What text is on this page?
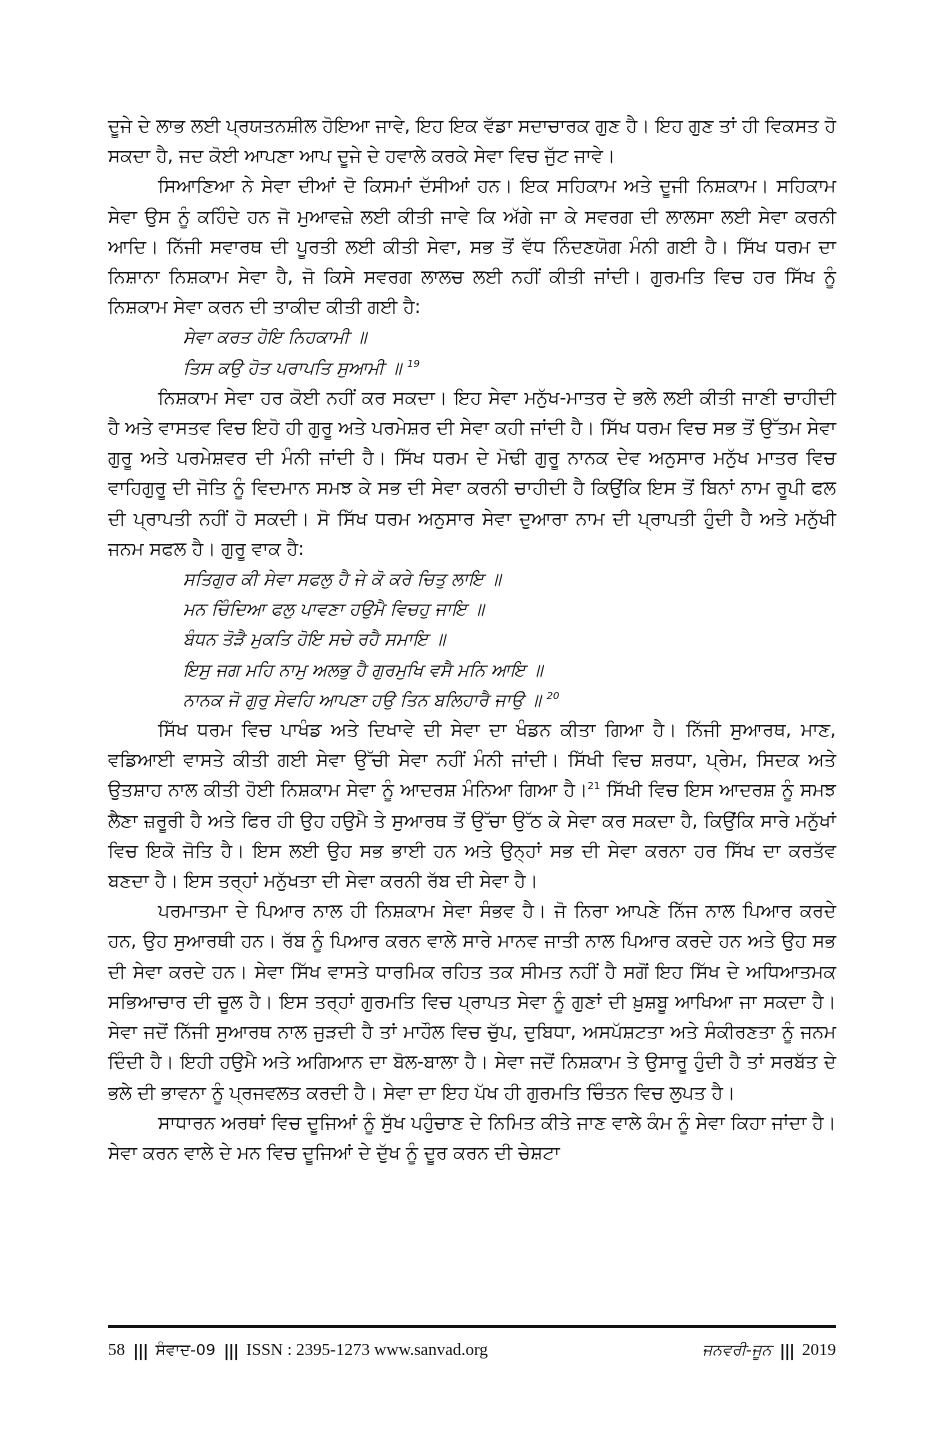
ਦੂਜੇ ਦੇ ਲਾਭ ਲਈ ਪ੍ਰਯਤਨਸ਼ੀਲ ਹੋਇਆ ਜਾਵੇ, ਇਹ ਇਕ ਵੱਡਾ ਸਦਾਚਾਰਕ ਗੁਣ ਹੈ। ਇਹ ਗੁਣ ਤਾਂ ਹੀ ਵਿਕਸਤ ਹੋ ਸਕਦਾ ਹੈ, ਜਦ ਕੋਈ ਆਪਣਾ ਆਪ ਦੂਜੇ ਦੇ ਹਵਾਲੇ ਕਰਕੇ ਸੇਵਾ ਵਿਚ ਜੁੱਟ ਜਾਵੇ।

ਸਿਆਣਿਆ ਨੇ ਸੇਵਾ ਦੀਆਂ ਦੋ ਕਿਸਮਾਂ ਦੱਸੀਆਂ ਹਨ। ਇਕ ਸਹਿਕਾਮ ਅਤੇ ਦੂਜੀ ਨਿਸ਼ਕਾਮ। ਸਹਿਕਾਮ ਸੇਵਾ ਉਸ ਨੂੰ ਕਹਿੰਦੇ ਹਨ ਜੋ ਮੁਆਵਜ਼ੇ ਲਈ ਕੀਤੀ ਜਾਵੇ ਕਿ ਅੱਗੇ ਜਾ ਕੇ ਸਵਰਗ ਦੀ ਲਾਲਸਾ ਲਈ ਸੇਵਾ ਕਰਨੀ ਆਦਿ। ਨਿੱਜੀ ਸਵਾਰਥ ਦੀ ਪੂਰਤੀ ਲਈ ਕੀਤੀ ਸੇਵਾ, ਸਭ ਤੋਂ ਵੱਧ ਨਿੰਦਣਯੋਗ ਮੰਨੀ ਗਈ ਹੈ। ਸਿੱਖ ਧਰਮ ਦਾ ਨਿਸ਼ਾਨਾ ਨਿਸ਼ਕਾਮ ਸੇਵਾ ਹੈ, ਜੋ ਕਿਸੇ ਸਵਰਗ ਲਾਲਚ ਲਈ ਨਹੀਂ ਕੀਤੀ ਜਾਂਦੀ। ਗੁਰਮਤਿ ਵਿਚ ਹਰ ਸਿੱਖ ਨੂੰ ਨਿਸ਼ਕਾਮ ਸੇਵਾ ਕਰਨ ਦੀ ਤਾਕੀਦ ਕੀਤੀ ਗਈ ਹੈ:

ਸੇਵਾ ਕਰਤ ਹੋਇ ਨਿਹਕਾਮੀ ॥
ਤਿਸ ਕਉ ਹੋਤ ਪਰਾਪਤਿ ਸੁਆਮੀ ॥ $^{19}$

ਨਿਸ਼ਕਾਮ ਸੇਵਾ ਹਰ ਕੋਈ ਨਹੀਂ ਕਰ ਸਕਦਾ। ਇਹ ਸੇਵਾ ਮਨੁੱਖ-ਮਾਤਰ ਦੇ ਭਲੇ ਲਈ ਕੀਤੀ ਜਾਣੀ ਚਾਹੀਦੀ ਹੈ ਅਤੇ ਵਾਸਤਵ ਵਿਚ ਇਹੋ ਹੀ ਗੁਰੂ ਅਤੇ ਪਰਮੇਸ਼ਰ ਦੀ ਸੇਵਾ ਕਹੀ ਜਾਂਦੀ ਹੈ। ਸਿੱਖ ਧਰਮ ਵਿਚ ਸਭ ਤੋਂ ਉੱਤਮ ਸੇਵਾ ਗੁਰੂ ਅਤੇ ਪਰਮੇਸ਼ਵਰ ਦੀ ਮੰਨੀ ਜਾਂਦੀ ਹੈ। ਸਿੱਖ ਧਰਮ ਦੇ ਮੋਢੀ ਗੁਰੂ ਨਾਨਕ ਦੇਵ ਅਨੁਸਾਰ ਮਨੁੱਖ ਮਾਤਰ ਵਿਚ ਵਾਹਿਗੁਰੂ ਦੀ ਜੋਤਿ ਨੂੰ ਵਿਦਮਾਨ ਸਮਝ ਕੇ ਸਭ ਦੀ ਸੇਵਾ ਕਰਨੀ ਚਾਹੀਦੀ ਹੈ ਕਿਉਂਕਿ ਇਸ ਤੋਂ ਬਿਨਾਂ ਨਾਮ ਰੂਪੀ ਫਲ ਦੀ ਪ੍ਰਾਪਤੀ ਨਹੀਂ ਹੋ ਸਕਦੀ। ਸੋ ਸਿੱਖ ਧਰਮ ਅਨੁਸਾਰ ਸੇਵਾ ਦੁਆਰਾ ਨਾਮ ਦੀ ਪ੍ਰਾਪਤੀ ਹੁੰਦੀ ਹੈ ਅਤੇ ਮਨੁੱਖੀ ਜਨਮ ਸਫਲ ਹੈ। ਗੁਰੂ ਵਾਕ ਹੈ:

ਸਤਿਗੁਰ ਕੀ ਸੇਵਾ ਸਫਲੁ ਹੈ ਜੇ ਕੋ ਕਰੇ ਚਿਤੁ ਲਾਇ ॥
ਮਨ ਚਿੰਦਿਆ ਫਲੁ ਪਾਵਣਾ ਹਉਮੈ ਵਿਚਹੁ ਜਾਇ ॥
ਬੰਧਨ ਤੋੜੈ ਮੁਕਤਿ ਹੋਇ ਸਚੇ ਰਹੈ ਸਮਾਇ ॥
ਇਸੁ ਜਗ ਮਹਿ ਨਾਮੁ ਅਲਭੁ ਹੈ ਗੁਰਮੁਖਿ ਵਸੈ ਮਨਿ ਆਇ ॥
ਨਾਨਕ ਜੋ ਗੁਰੁ ਸੇਵਹਿ ਆਪਣਾ ਹਉ ਤਿਨ ਬਲਿਹਾਰੈ ਜਾਉ ॥ $^{20}$

ਸਿੱਖ ਧਰਮ ਵਿਚ ਪਾਖੰਡ ਅਤੇ ਦਿਖਾਵੇ ਦੀ ਸੇਵਾ ਦਾ ਖੰਡਨ ਕੀਤਾ ਗਿਆ ਹੈ। ਨਿੱਜੀ ਸੁਆਰਥ, ਮਾਣ, ਵਡਿਆਈ ਵਾਸਤੇ ਕੀਤੀ ਗਈ ਸੇਵਾ ਉੱਚੀ ਸੇਵਾ ਨਹੀਂ ਮੰਨੀ ਜਾਂਦੀ। ਸਿੱਖੀ ਵਿਚ ਸ਼ਰਧਾ, ਪ੍ਰੇਮ, ਸਿਦਕ ਅਤੇ ਉਤਸ਼ਾਹ ਨਾਲ ਕੀਤੀ ਹੋਈ ਨਿਸ਼ਕਾਮ ਸੇਵਾ ਨੂੰ ਆਦਰਸ਼ ਮੰਨਿਆ ਗਿਆ ਹੈ।$^{21}$ ਸਿੱਖੀ ਵਿਚ ਇਸ ਆਦਰਸ਼ ਨੂੰ ਸਮਝ ਲੈਣਾ ਜ਼ਰੂਰੀ ਹੈ ਅਤੇ ਫਿਰ ਹੀ ਉਹ ਹਉਮੈ ਤੇ ਸੁਆਰਥ ਤੋਂ ਉੱਚਾ ਉੱਠ ਕੇ ਸੇਵਾ ਕਰ ਸਕਦਾ ਹੈ, ਕਿਉਂਕਿ ਸਾਰੇ ਮਨੁੱਖਾਂ ਵਿਚ ਇਕੋ ਜੋਤਿ ਹੈ। ਇਸ ਲਈ ਉਹ ਸਭ ਭਾਈ ਹਨ ਅਤੇ ਉਨ੍ਹਾਂ ਸਭ ਦੀ ਸੇਵਾ ਕਰਨਾ ਹਰ ਸਿੱਖ ਦਾ ਕਰਤੱਵ ਬਣਦਾ ਹੈ। ਇਸ ਤਰ੍ਹਾਂ ਮਨੁੱਖਤਾ ਦੀ ਸੇਵਾ ਕਰਨੀ ਰੱਬ ਦੀ ਸੇਵਾ ਹੈ।

ਪਰਮਾਤਮਾ ਦੇ ਪਿਆਰ ਨਾਲ ਹੀ ਨਿਸ਼ਕਾਮ ਸੇਵਾ ਸੰਭਵ ਹੈ। ਜੋ ਨਿਰਾ ਆਪਣੇ ਨਿੱਜ ਨਾਲ ਪਿਆਰ ਕਰਦੇ ਹਨ, ਉਹ ਸੁਆਰਥੀ ਹਨ। ਰੱਬ ਨੂੰ ਪਿਆਰ ਕਰਨ ਵਾਲੇ ਸਾਰੇ ਮਾਨਵ ਜਾਤੀ ਨਾਲ ਪਿਆਰ ਕਰਦੇ ਹਨ ਅਤੇ ਉਹ ਸਭ ਦੀ ਸੇਵਾ ਕਰਦੇ ਹਨ। ਸੇਵਾ ਸਿੱਖ ਵਾਸਤੇ ਧਾਰਮਿਕ ਰਹਿਤ ਤਕ ਸੀਮਤ ਨਹੀਂ ਹੈ ਸਗੋਂ ਇਹ ਸਿੱਖ ਦੇ ਅਧਿਆਤਮਕ ਸਭਿਆਚਾਰ ਦੀ ਚੂਲ ਹੈ। ਇਸ ਤਰ੍ਹਾਂ ਗੁਰਮਤਿ ਵਿਚ ਪ੍ਰਾਪਤ ਸੇਵਾ ਨੂੰ ਗੁਣਾਂ ਦੀ ਖ਼ੁਸ਼ਬੂ ਆਖਿਆ ਜਾ ਸਕਦਾ ਹੈ। ਸੇਵਾ ਜਦੋਂ ਨਿੱਜੀ ਸੁਆਰਥ ਨਾਲ ਜੁੜਦੀ ਹੈ ਤਾਂ ਮਾਹੌਲ ਵਿਚ ਚੁੱਪ, ਦੁਬਿਧਾ, ਅਸਪੱਸ਼ਟਤਾ ਅਤੇ ਸੰਕੀਰਣਤਾ ਨੂੰ ਜਨਮ ਦਿੰਦੀ ਹੈ। ਇਹੀ ਹਉਮੈ ਅਤੇ ਅਗਿਆਨ ਦਾ ਬੋਲ-ਬਾਲਾ ਹੈ। ਸੇਵਾ ਜਦੋਂ ਨਿਸ਼ਕਾਮ ਤੇ ਉਸਾਰੂ ਹੁੰਦੀ ਹੈ ਤਾਂ ਸਰਬੱਤ ਦੇ ਭਲੇ ਦੀ ਭਾਵਨਾ ਨੂੰ ਪ੍ਰਜਵਲਤ ਕਰਦੀ ਹੈ। ਸੇਵਾ ਦਾ ਇਹ ਪੱਖ ਹੀ ਗੁਰਮਤਿ ਚਿੰਤਨ ਵਿਚ ਲੁਪਤ ਹੈ।

ਸਾਧਾਰਨ ਅਰਥਾਂ ਵਿਚ ਦੂਜਿਆਂ ਨੂੰ ਸੁੱਖ ਪਹੁੰਚਾਣ ਦੇ ਨਿਮਿਤ ਕੀਤੇ ਜਾਣ ਵਾਲੇ ਕੰਮ ਨੂੰ ਸੇਵਾ ਕਿਹਾ ਜਾਂਦਾ ਹੈ। ਸੇਵਾ ਕਰਨ ਵਾਲੇ ਦੇ ਮਨ ਵਿਚ ਦੂਜਿਆਂ ਦੇ ਦੁੱਖ ਨੂੰ ਦੂਰ ਕਰਨ ਦੀ ਚੇਸ਼ਟਾ

58 ||| ਸੰਵਾਦ-09 ||| ISSN : 2395-1273 www.sanvad.org	ਜਨਵਰੀ-ਜੂਨ ||| 2019
